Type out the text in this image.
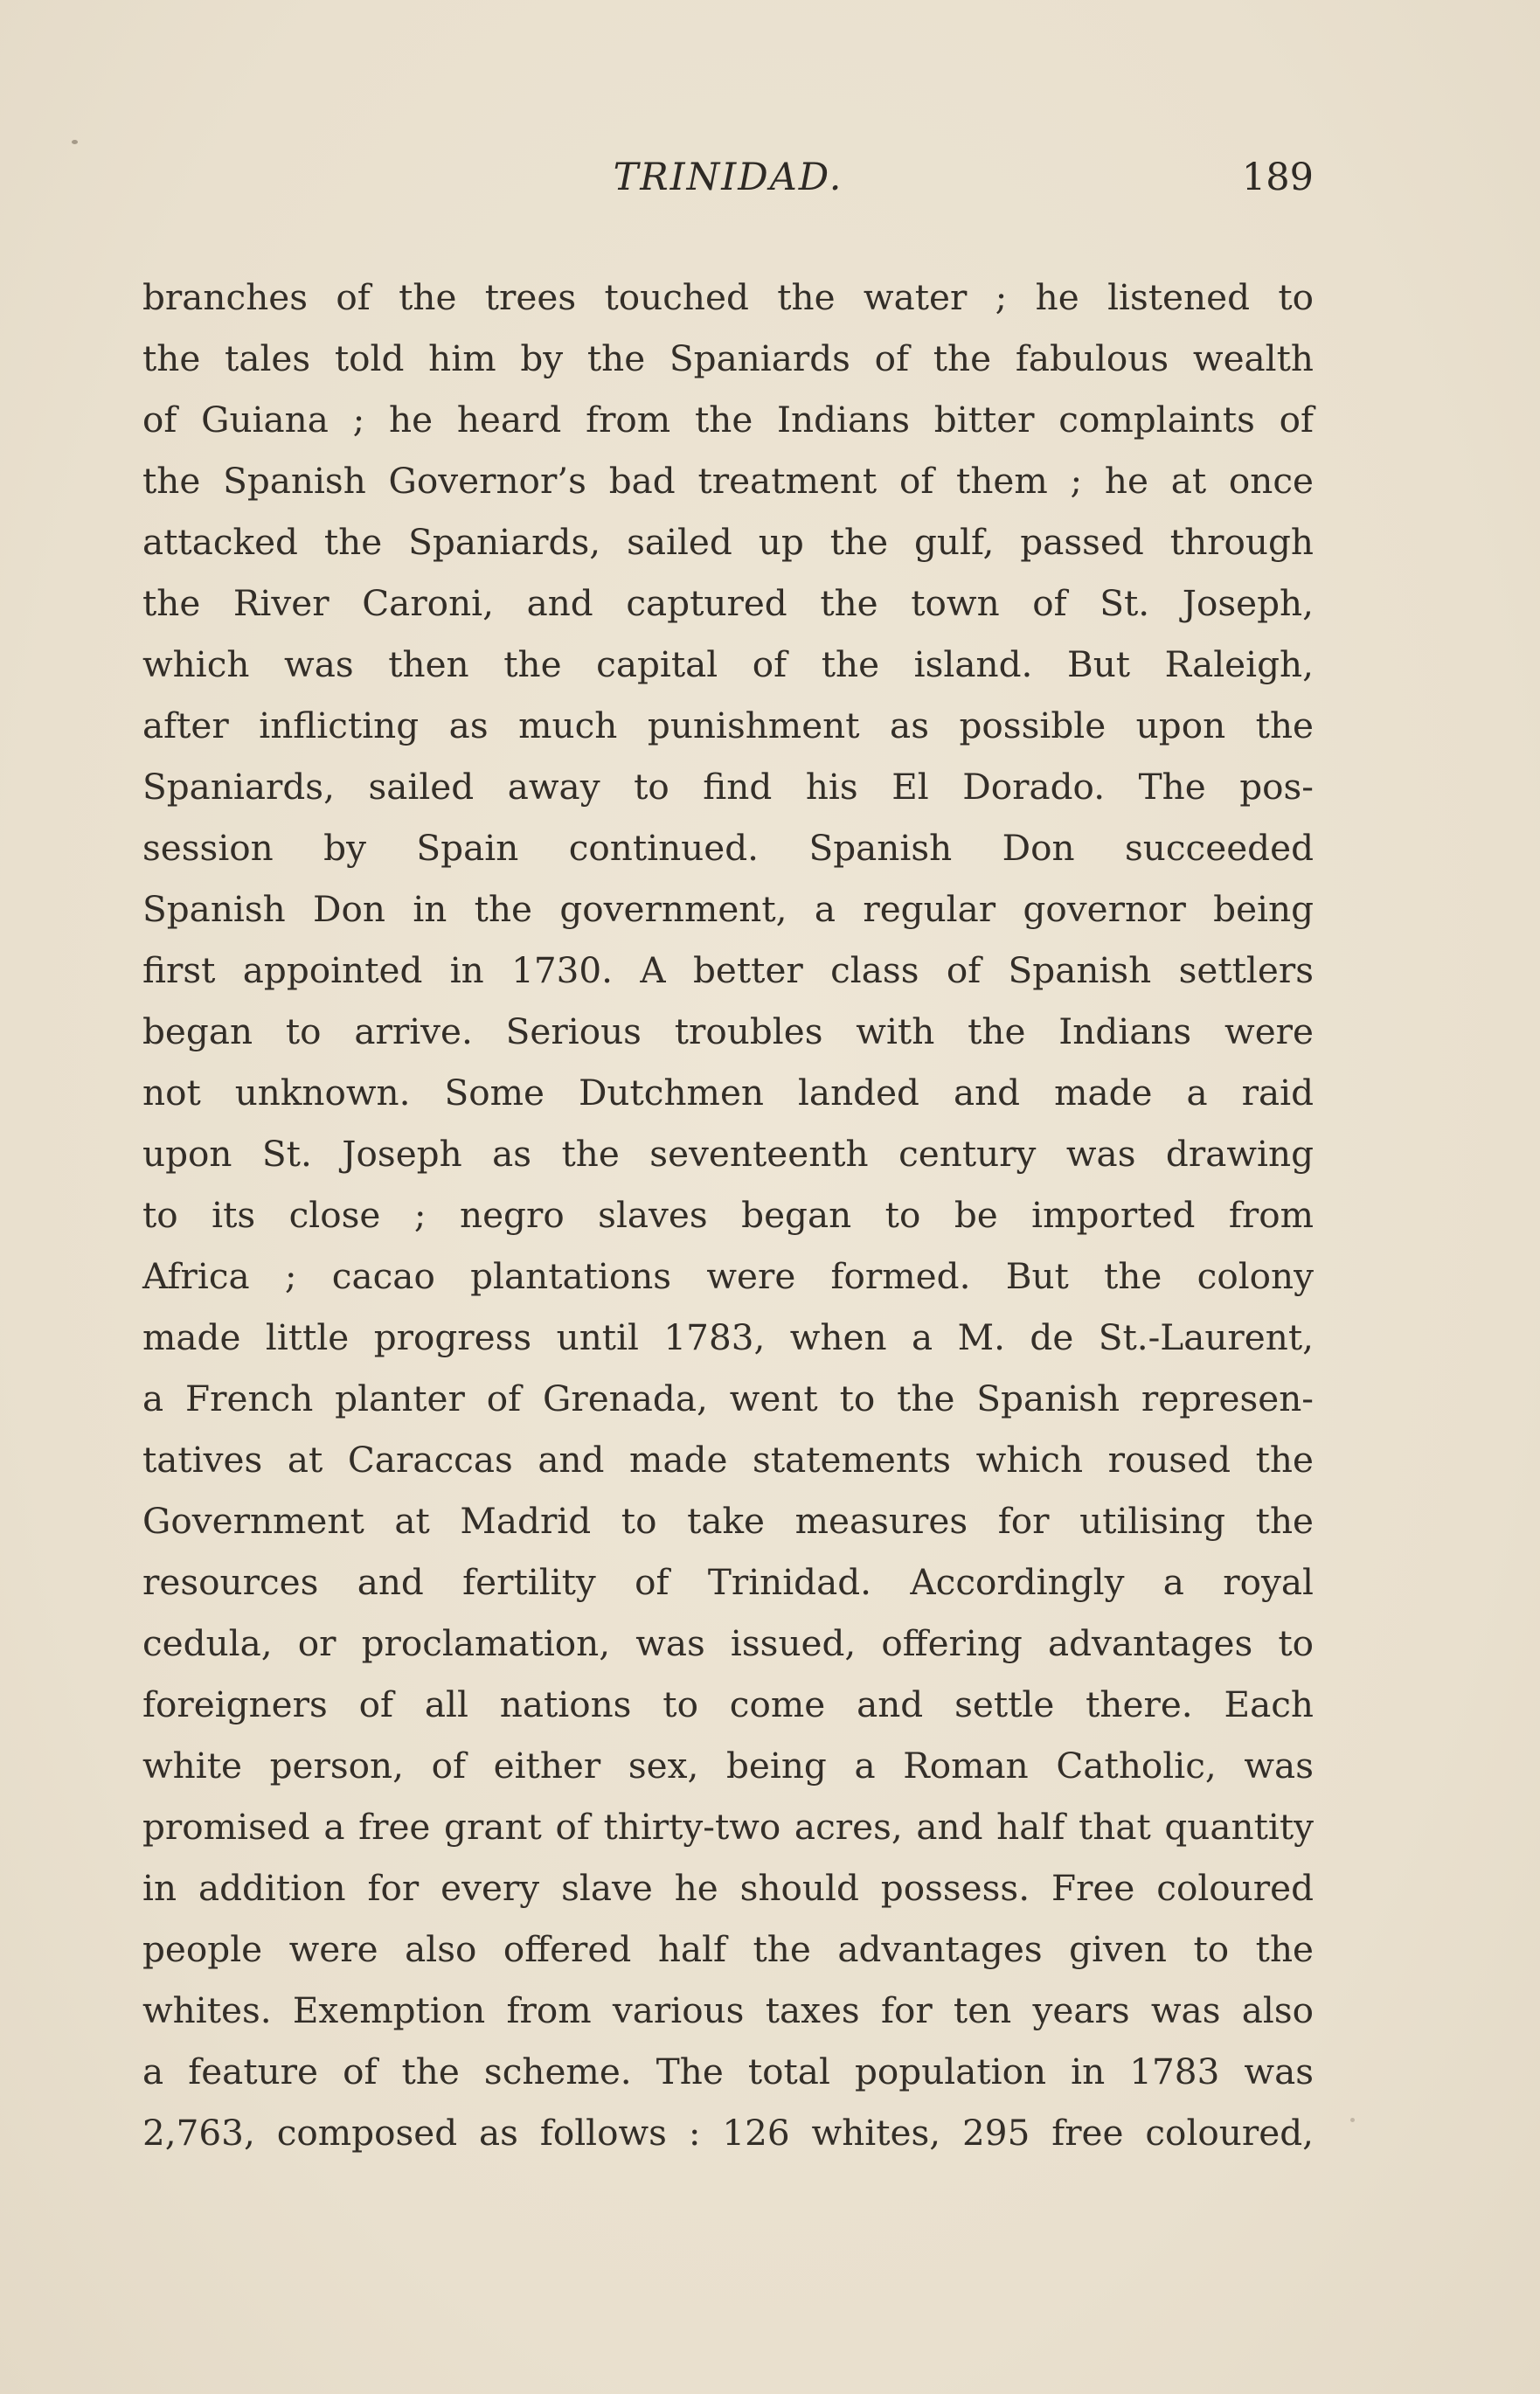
TRINIDAD.	189
branches of the trees touched the water ; he listened to
the tales told him by the Spaniards of the fabulous wealth
of Guiana ; he heard from the Indians bitter complaints of
the Spanish Governor’s bad treatment of them ; he at once
attacked the Spaniards, sailed up the gulf, passed through
the River Caroni, and captured the town of St. Joseph,
which was then the capital of the island. But Raleigh,
after inflicting as much punishment as possible upon the
Spaniards, sailed away to find his El Dorado. The pos-
session by Spain continued. Spanish Don succeeded
Spanish Don in the government, a regular governor being
first appointed in 1730. A better class of Spanish settlers
began to arrive. Serious troubles with the Indians were
not unknown. Some Dutchmen landed and made a raid
upon St. Joseph as the seventeenth century was drawing
to its close ; negro slaves began to be imported from
Africa ; cacao plantations were formed. But the colony
made little progress until 1783, when a M. de St.-Laurent,
a French planter of Grenada, went to the Spanish represen-
tatives at Caraccas and made statements which roused the
Government at Madrid to take measures for utilising the
resources and fertility of Trinidad. Accordingly a royal
cedula, or proclamation, was issued, offering advantages to
foreigners of all nations to come and settle there. Each
white person, of either sex, being a Roman Catholic, was
promised a free grant of thirty-two acres, and half that quantity
in addition for every slave he should possess. Free coloured
people were also offered half the advantages given to the
whites. Exemption from various taxes for ten years was also
a feature of the scheme. The total population in 1783 was
2,763, composed as follows : 126 whites, 295 free coloured,
